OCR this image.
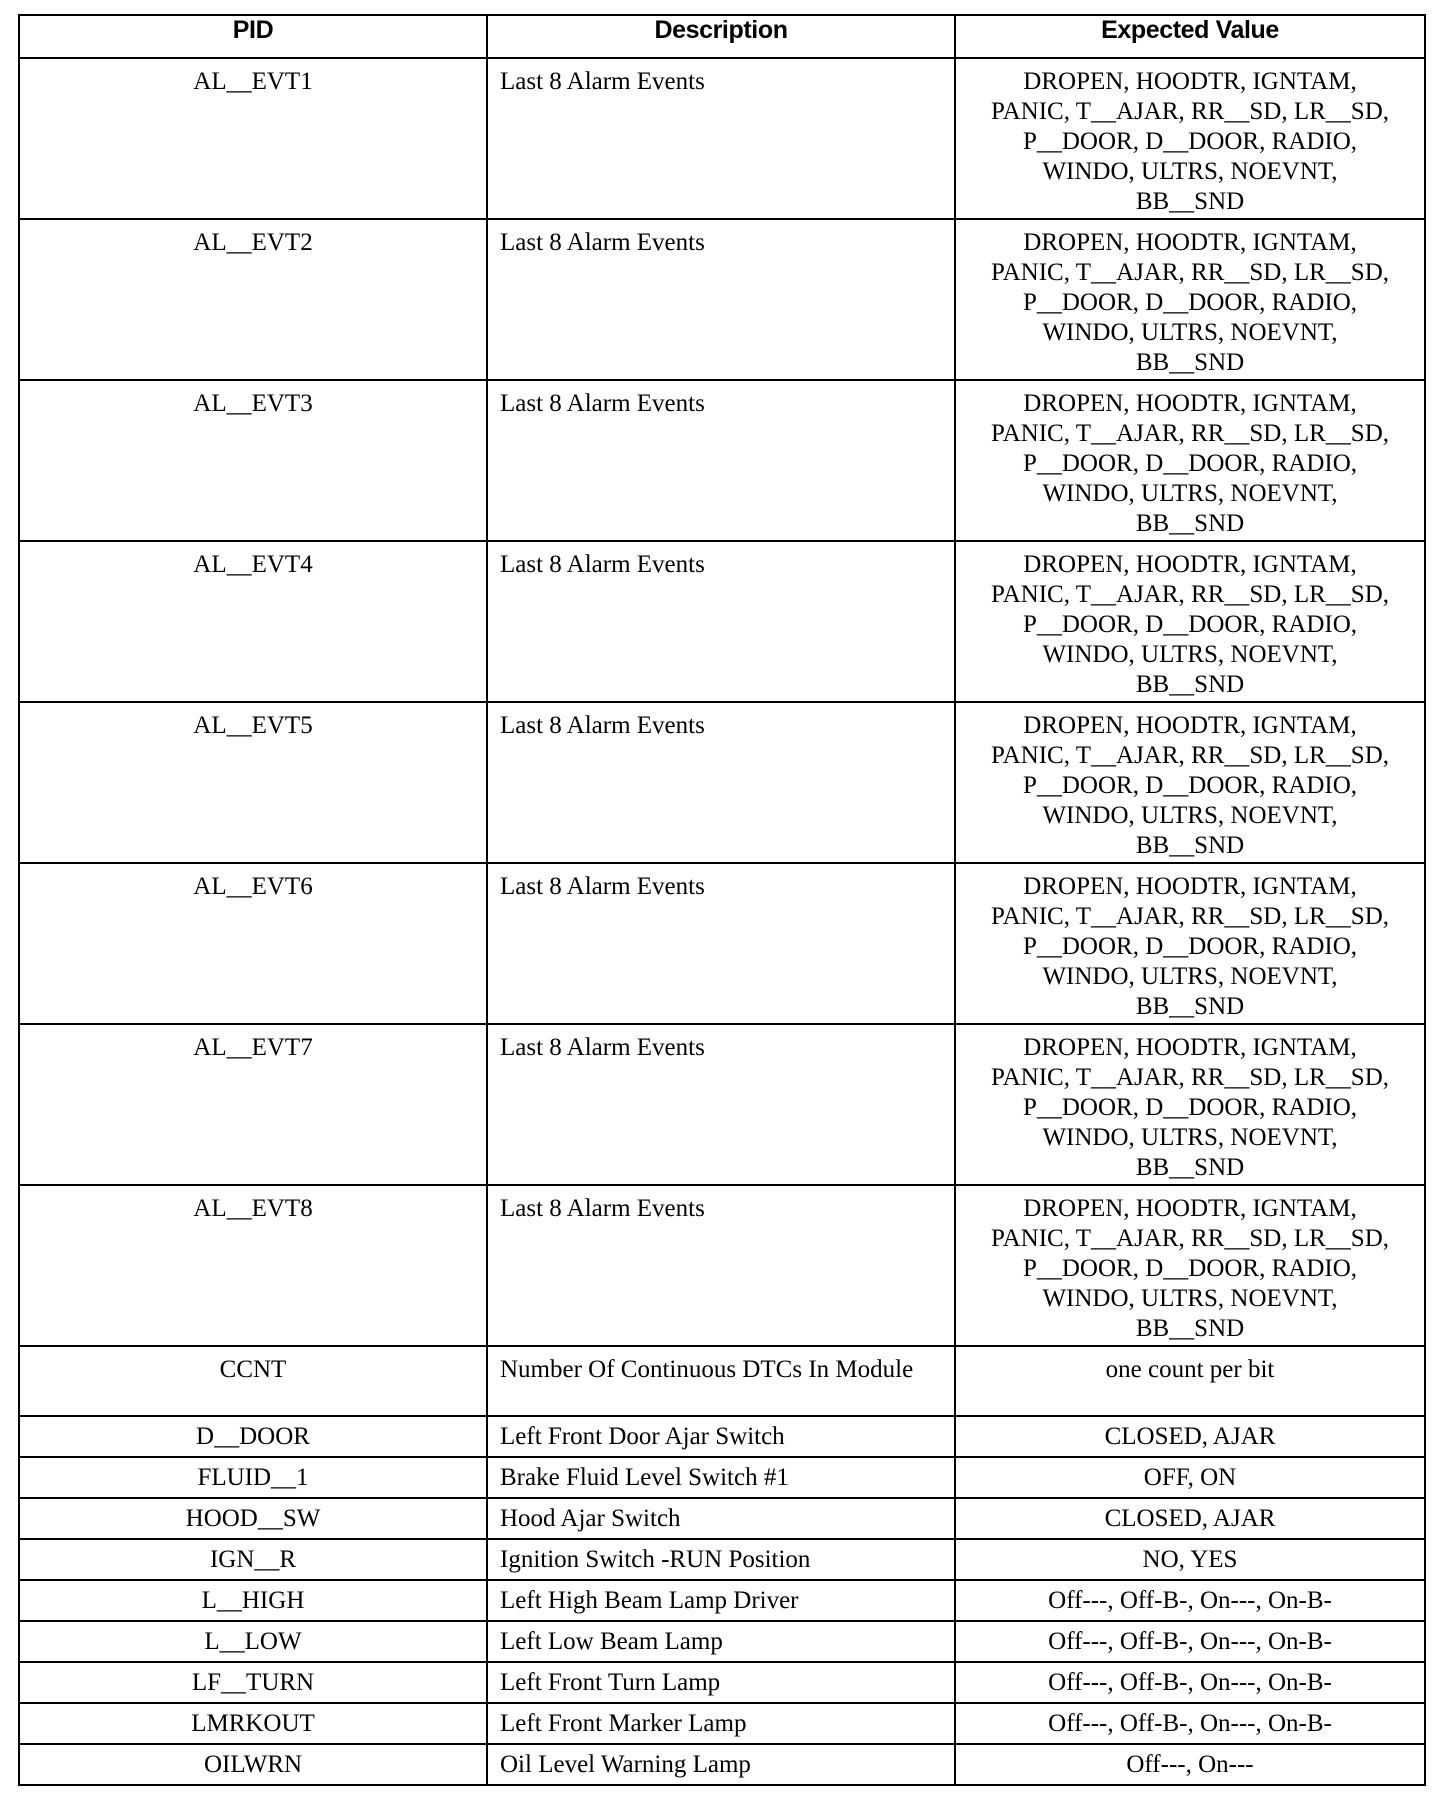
PID	Description	Expected Value
AL__EVT1	Last 8 Alarm Events	DROPEN, HOODTR, IGNTAM,
PANIC, T__AJAR, RR__SD, LR__SD,
P__DOOR, D__DOOR, RADIO,
WINDO, ULTRS, NOEVNT,
BB__SND

AL__EVT2	Last 8 Alarm Events	DROPEN, HOODTR, IGNTAM,
PANIC, T__AJAR, RR__SD, LR__SD,
P__DOOR, D__DOOR, RADIO,
WINDO, ULTRS, NOEVNT,
BB__SND

AL__EVT3	Last 8 Alarm Events	DROPEN, HOODTR, IGNTAM,
PANIC, T__AJAR, RR__SD, LR__SD,
P__DOOR, D__DOOR, RADIO,
WINDO, ULTRS, NOEVNT,
BB__SND

AL__EVT4	Last 8 Alarm Events	DROPEN, HOODTR, IGNTAM,
PANIC, T__AJAR, RR__SD, LR__SD,
P__DOOR, D__DOOR, RADIO,
WINDO, ULTRS, NOEVNT,
BB__SND

AL__EVT5	Last 8 Alarm Events	DROPEN, HOODTR, IGNTAM,
PANIC, T__AJAR, RR__SD, LR__SD,
P__DOOR, D__DOOR, RADIO,
WINDO, ULTRS, NOEVNT,
BB__SND

AL__EVT6	Last 8 Alarm Events	DROPEN, HOODTR, IGNTAM,
PANIC, T__AJAR, RR__SD, LR__SD,
P__DOOR, D__DOOR, RADIO,
WINDO, ULTRS, NOEVNT,
BB__SND

AL__EVT7	Last 8 Alarm Events	DROPEN, HOODTR, IGNTAM,
PANIC, T__AJAR, RR__SD, LR__SD,
P__DOOR, D__DOOR, RADIO,
WINDO, ULTRS, NOEVNT,
BB__SND

AL__EVT8	Last 8 Alarm Events	DROPEN, HOODTR, IGNTAM,
PANIC, T__AJAR, RR__SD, LR__SD,
P__DOOR, D__DOOR, RADIO,
WINDO, ULTRS, NOEVNT,
BB__SND

CCNT	Number Of Continuous DTCs In Module	one count per bit
D__DOOR	Left Front Door Ajar Switch	CLOSED, AJAR
FLUID__1	Brake Fluid Level Switch #1	OFF, ON
HOOD__SW	Hood Ajar Switch	CLOSED, AJAR
IGN__R	Ignition Switch -RUN Position	NO, YES
L__HIGH	Left High Beam Lamp Driver	Off---, Off-B-, On---, On-B-
L__LOW	Left Low Beam Lamp	Off---, Off-B-, On---, On-B-
LF__TURN	Left Front Turn Lamp	Off---, Off-B-, On---, On-B-
LMRKOUT	Left Front Marker Lamp	Off---, Off-B-, On---, On-B-
OILWRN	Oil Level Warning Lamp	Off---, On---
